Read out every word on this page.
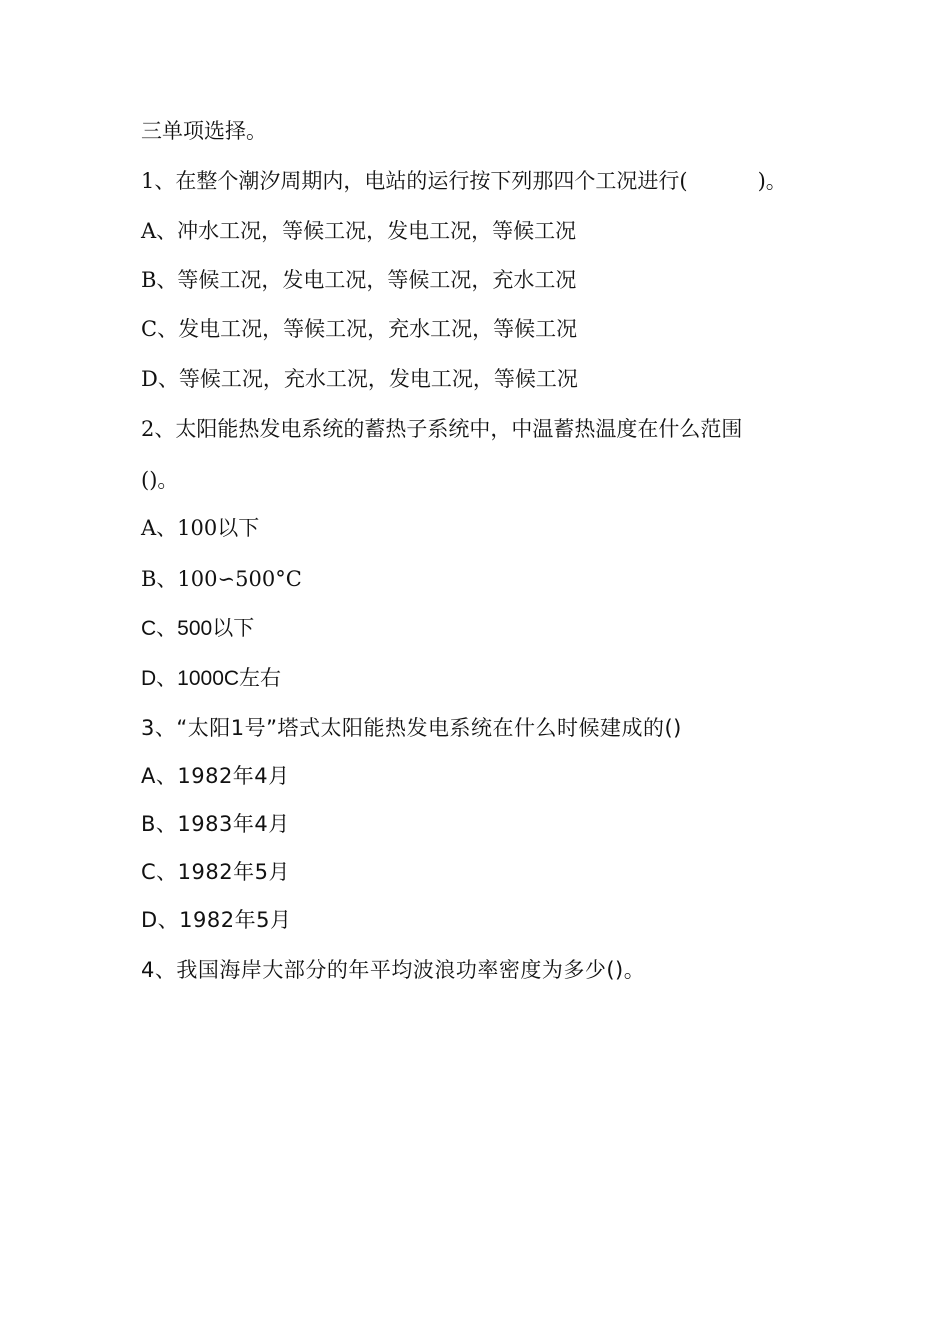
三单项选择。
1、在整个潮汐周期内，电站的运行按下列那四个工况进行(	)。
A、冲水工况，等候工况，发电工况，等候工况
B、等候工况，发电工况，等候工况，充水工况
C、发电工况，等候工况，充水工况，等候工况
D、等候工况，充水工况，发电工况，等候工况
2、太阳能热发电系统的蓄热子系统中，中温蓄热温度在什么范围
()。
A、100以下
B、100∽500°C
C、500以下
D、1000C左右
3、“太阳1号”塔式太阳能热发电系统在什么时候建成的()
A、1982年4月
B、1983年4月
C、1982年5月
D、1982年5月
4、我国海岸大部分的年平均波浪功率密度为多少()。
